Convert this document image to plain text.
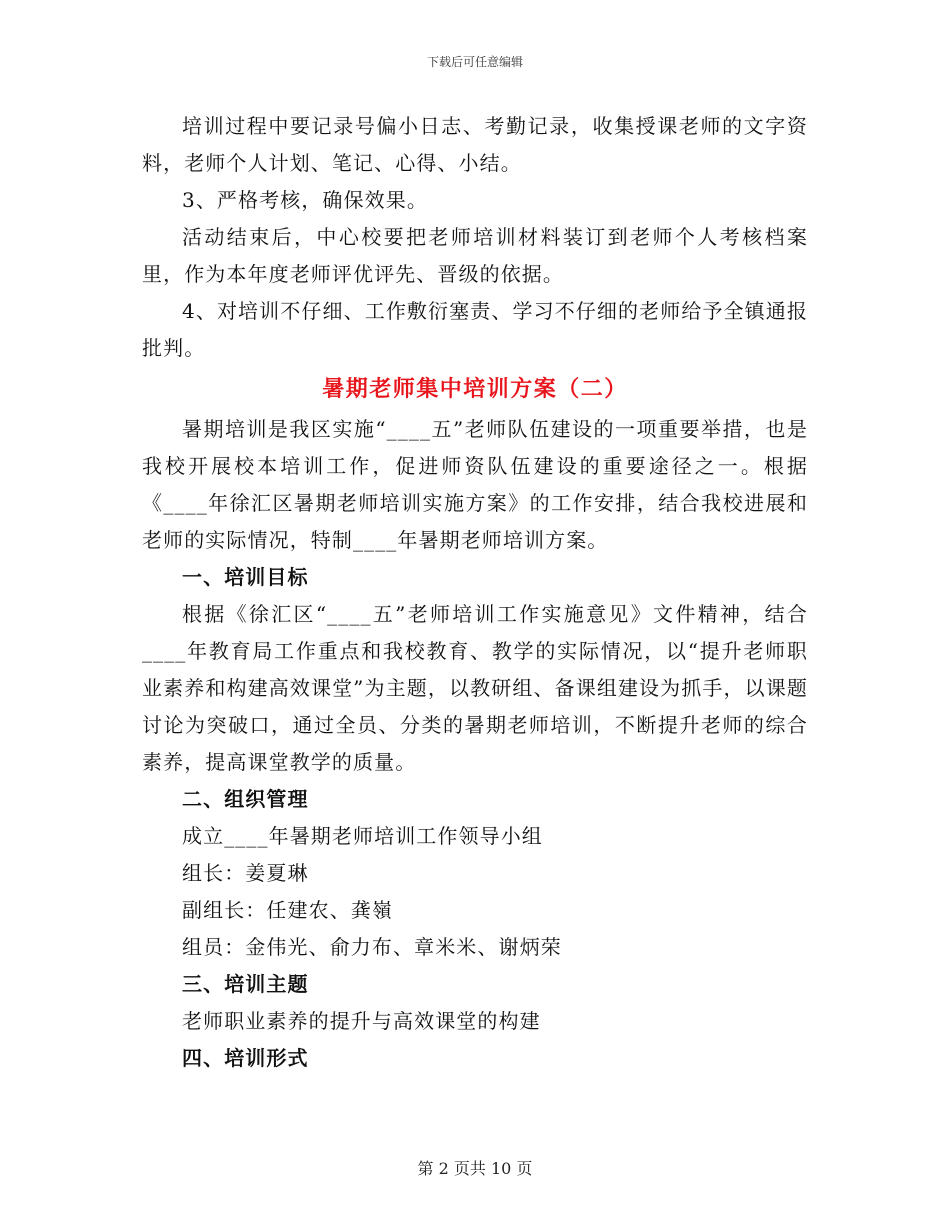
下载后可任意编辑

培训过程中要记录号偏小日志、考勤记录，收集授课老师的文字资料，老师个人计划、笔记、心得、小结。

3、严格考核，确保效果。

活动结束后，中心校要把老师培训材料装订到老师个人考核档案里，作为本年度老师评优评先、晋级的依据。

4、对培训不仔细、工作敷衍塞责、学习不仔细的老师给予全镇通报批判。

暑期老师集中培训方案（二）

暑期培训是我区实施“____五”老师队伍建设的一项重要举措，也是我校开展校本培训工作，促进师资队伍建设的重要途径之一。根据《____年徐汇区暑期老师培训实施方案》的工作安排，结合我校进展和老师的实际情况，特制____年暑期老师培训方案。

一、培训目标

根据《徐汇区“____五”老师培训工作实施意见》文件精神，结合____年教育局工作重点和我校教育、教学的实际情况，以“提升老师职业素养和构建高效课堂”为主题，以教研组、备课组建设为抓手，以课题讨论为突破口，通过全员、分类的暑期老师培训，不断提升老师的综合素养，提高课堂教学的质量。

二、组织管理

成立____年暑期老师培训工作领导小组

组长：姜夏琳

副组长：任建农、龚嶺

组员：金伟光、俞力布、章米米、谢炳荣

三、培训主题

老师职业素养的提升与高效课堂的构建

四、培训形式

第 2 页共 10 页
